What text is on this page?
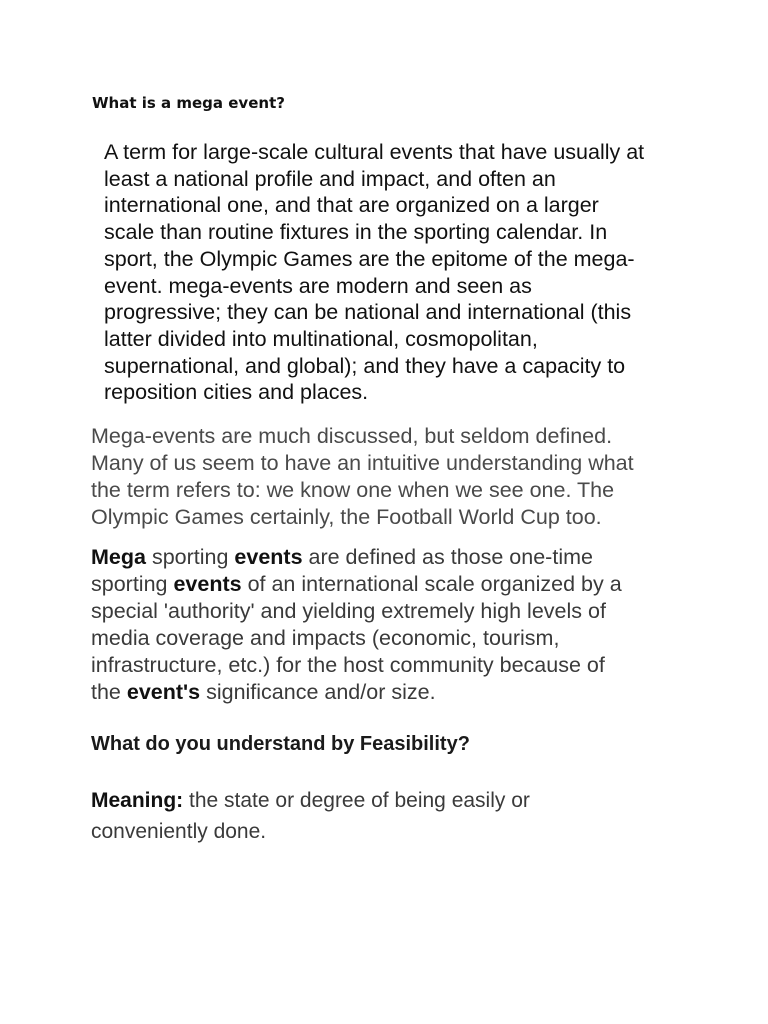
What is a mega event?

A term for large-scale cultural events that have usually at
least a national profile and impact, and often an
international one, and that are organized on a larger
scale than routine fixtures in the sporting calendar. In
sport, the Olympic Games are the epitome of the mega-
event. mega-events are modern and seen as
progressive; they can be national and international (this
latter divided into multinational, cosmopolitan,
supernational, and global); and they have a capacity to
reposition cities and places.

Mega-events are much discussed, but seldom defined.
Many of us seem to have an intuitive understanding what
the term refers to: we know one when we see one. The
Olympic Games certainly, the Football World Cup too.

Mega sporting events are defined as those one-time
sporting events of an international scale organized by a
special 'authority' and yielding extremely high levels of
media coverage and impacts (economic, tourism,
infrastructure, etc.) for the host community because of
the event's significance and/or size.

What do you understand by Feasibility?

Meaning: the state or degree of being easily or
conveniently done.
